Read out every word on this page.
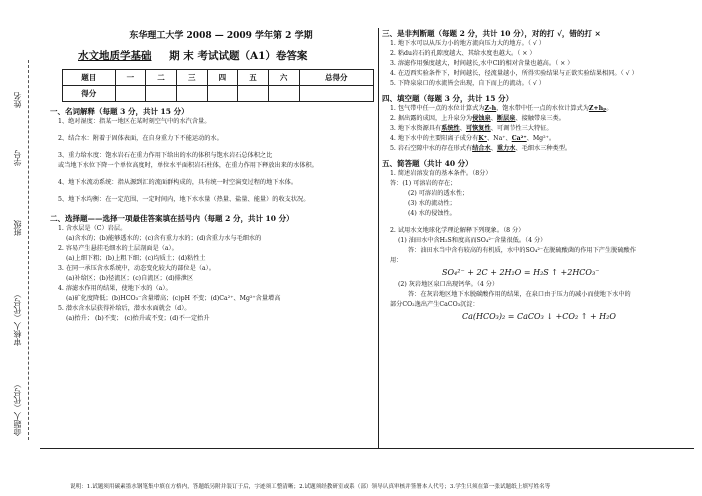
姓名
学号
班级
审核人（代号）
命题人（代号）
东华理工大学 2008 — 2009 学年第 2 学期
水文地质学基础 期 末 考试试题（A1）卷答案
题目	一	二	三	四	五	六	总得分
得分							
一、名词解释（每题 3 分，共计 15 分）
1、绝对湿度：指某一地区在某时刻空气中的水汽含量。
2、结合水：附着于固体表面，在自身重力下不能运动的水。
3、重力给水度：饱水岩石在重力作用下给出的水的体积与饱水岩石总体积之比
或当地下水位下降一个单位高度时，单位水平面积岩石柱体，在重力作用下释放出来的水体积。
4、地下水流动系统：指从源到汇的流面群构成的，具有统一时空演变过程的地下水体。
5、地下水均衡：在一定范围、一定时间内，地下水水量（热量、盐量、能量）的收支状况。
二、选择题——选择一项最佳答案填在括号内（每题 2 分，共计 10 分）
1. 含水层是（C）岩层。
(a)含水的；(b)能够透水的；(c)含有重力水的；(d)含重力水与毛细水的
2. 容易产生悬挂毛细水的土层剖面是（a）。
(a)上细下粗；(b)上粗下细；(c)均质土；(d)粘性土
3. 在同一承压含水系统中，动态变化较大的部位是（a）。
(a)补给区；(b)径流区；(c)自流区；(d)排泄区
4. 溶滤水作用的结果，使地下水的（a）。
(a)矿化度降低；(b)HCO₃⁻含量增高；(c)pH 不变；(d)Ca²⁺、Mg²⁺含量增高
5. 潜水含水层获得补给后，潜水水面就会（d）。
(a)抬升； (b)不变； (c)抬升或不变；(d)不一定抬升
三、是非判断题（每题 2 分，共计 10 分），对的打 √，错的打 ×
1. 地下水可以从压力小的地方流向压力大的地方。（ √ ）
2. 粘du岩石的孔隙度越大、其给水度也越大。（ × ）
3. 溶滤作用强度越大，时间越长,水中Cl的相对含量也越高。（ × ）
4. 在迈西实验条件下，时间越长，径流量越小，所得实验结果与正欲实验结果相同。（ √ ）
5. 下降泉泉口的水流皆会出现，自下而上的流动。（ √ ）
四、填空题（每题 3 分，共计 15 分）
1. 包气带中任一点的水位计算式为Z-h，饱水带中任一点的水位计算式为Z+hₚ。
2. 据出露的成因，上升泉分为侵蚀泉、断层泉、接触带泉三类。
3. 地下水资源具有系统性、可恢复性、可调节性三大特征。
4. 地下水中的主要阳离子成分有K⁺、Na⁺、Ca²⁺、Mg²⁺。
5. 岩石空隙中水的存在形式有结合水、重力水、毛细水三种类型。
五、简答题（共计 40 分）
1. 简述岩溶发育的基本条件。（8分）
答：(1) 可溶岩的存在；
(2) 可溶岩的透水性；
(3) 水的流动性；
(4) 水的侵蚀性。
2. 试用水文地球化学理论解释下列现象。（8 分）
(1) 油田水中含H₂S和度高而SO₄²⁻含量很低。（4 分）
答：油田水当中含有较高的有机质，水中的SO₄²⁻在脱硫酸菌的作用下产生脱硫酸作
用：
SO₄²⁻ + 2C + 2H₂O = H₂S ↑ +2HCO₃⁻
(2) 灰岩地区泉口出现钙华。（4 分）
答：在灰岩地区地下水脱碳酸作用的结果，在泉口由于压力的减小而使地下水中的
部分CO₂逸出产生CaCO₃沉淀：
Ca(HCO₃)₂ = CaCO₃ ↓ +CO₂ ↑ + H₂O
说明：1.试题须用碳素墨水钢笔集中填在方格内，答题纸另附并装订于后，字迹须工整清晰；2.试题须经教研室或系（部）领导认真审核并签署本人代号；3.学生只须在第一张试题纸上填写姓名等
